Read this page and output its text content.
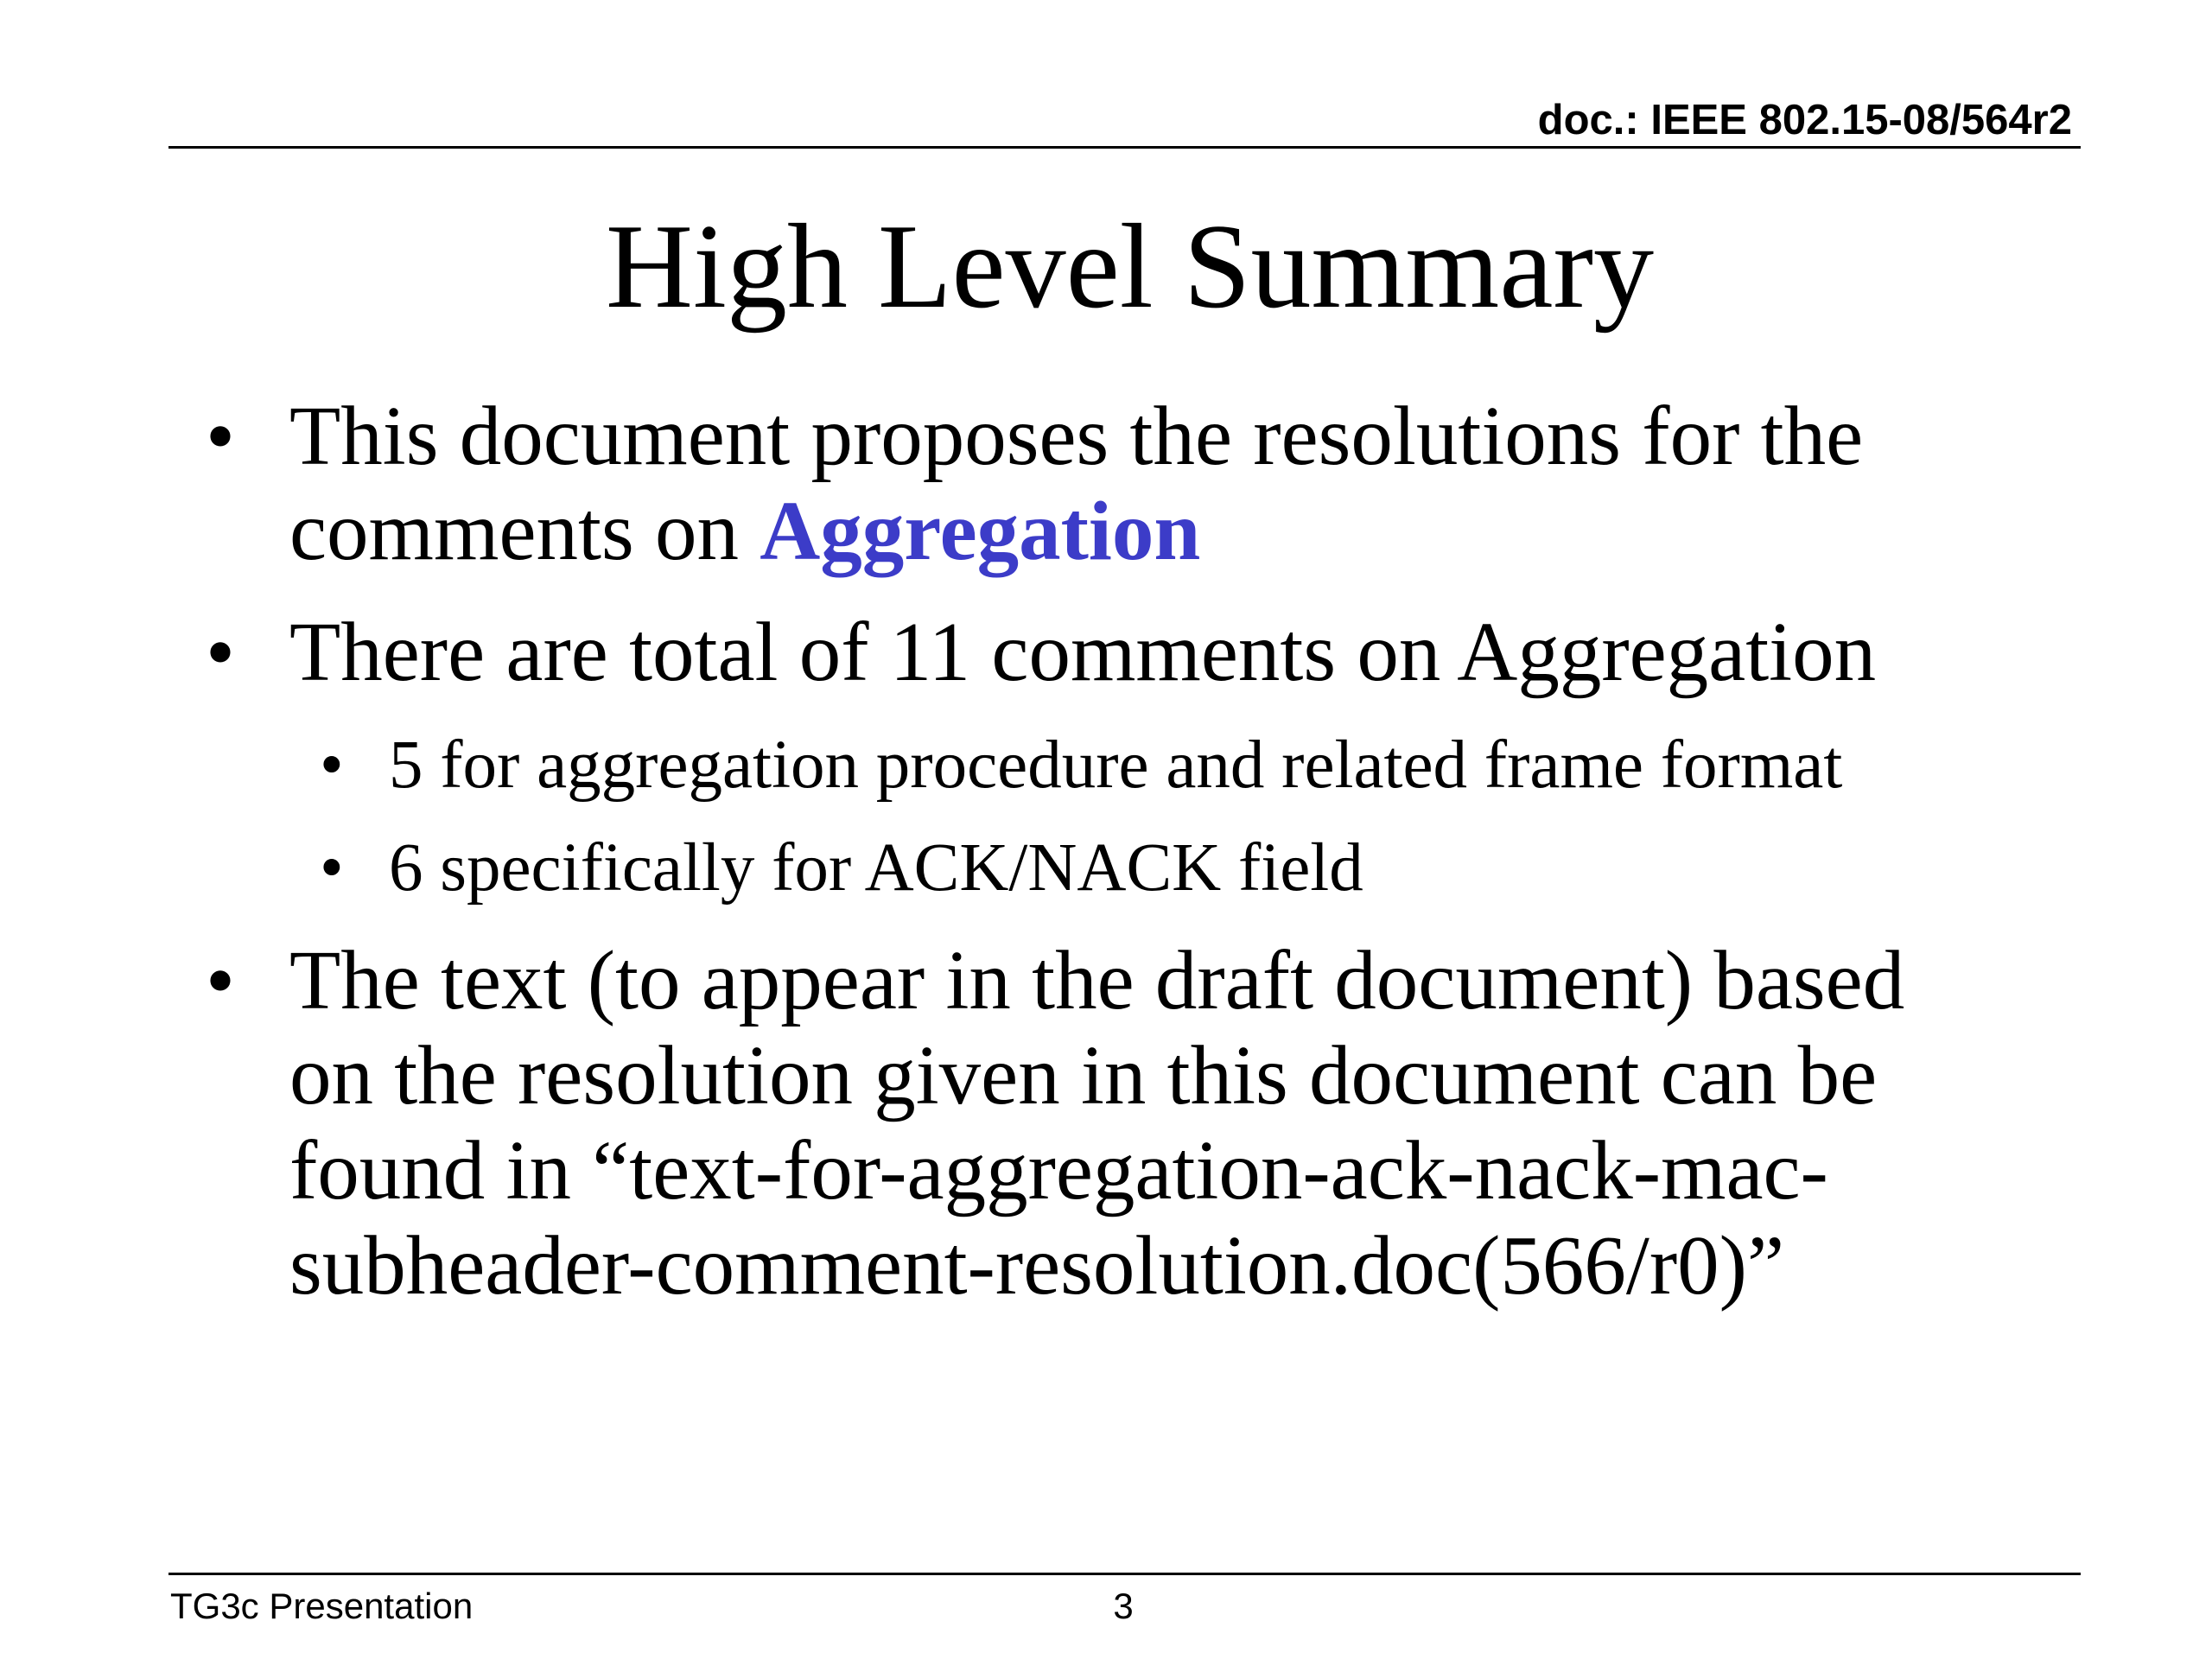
doc.: IEEE 802.15-08/564r2
High Level Summary
• This document proposes the resolutions for the
comments on Aggregation
• There are total of 11 comments on Aggregation
• 5 for aggregation procedure and related frame format
• 6 specifically for ACK/NACK field
• The text (to appear in the draft document) based
on the resolution given in this document can be
found in “text-for-aggregation-ack-nack-mac-
subheader-comment-resolution.doc(566/r0)”
TG3c Presentation	3
